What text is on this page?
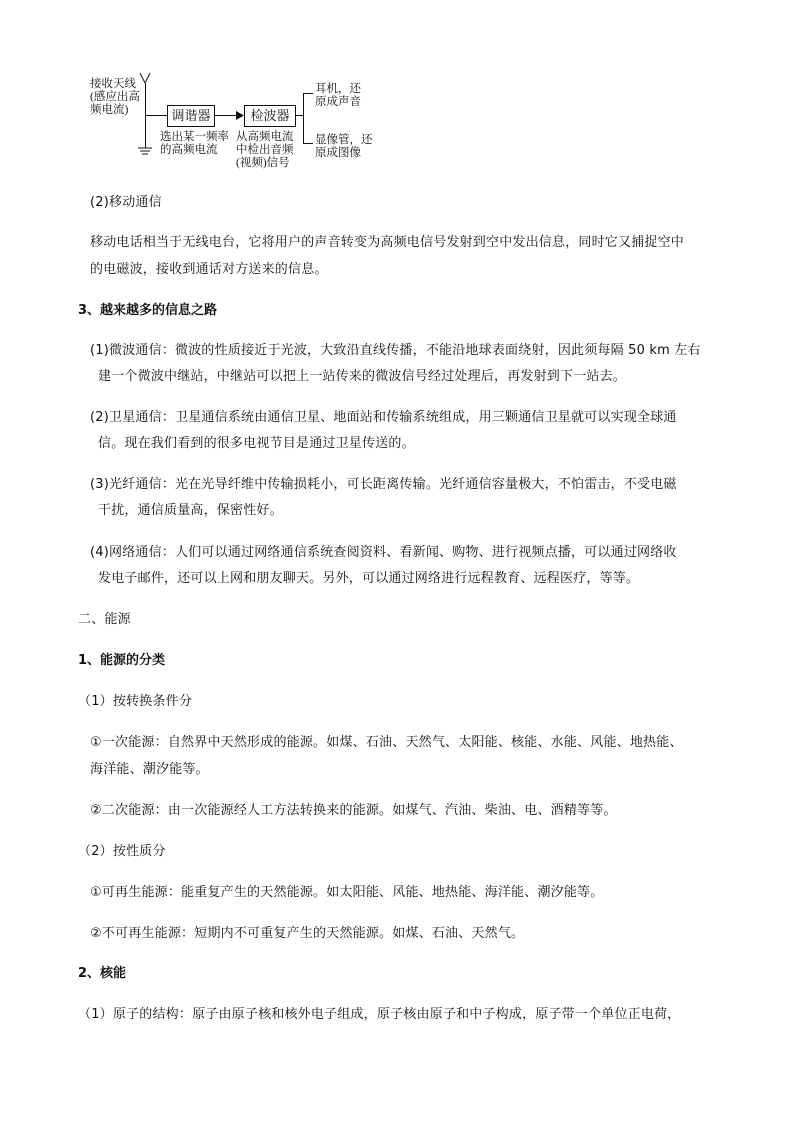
调谐器	检波器
接收天线
(感应出高
频电流)
选出某一频率
的高频电流
从高频电流
中检出音频
(视频)信号
耳机，还
原成声音
显像管，还
原成图像
(2)移动通信
移动电话相当于无线电台，它将用户的声音转变为高频电信号发射到空中发出信息，同时它又捕捉空中
的电磁波，接收到通话对方送来的信息。
3、越来越多的信息之路
(1)微波通信：微波的性质接近于光波，大致沿直线传播，不能沿地球表面绕射，因此须每隔 50 km 左右
建一个微波中继站，中继站可以把上一站传来的微波信号经过处理后，再发射到下一站去。
(2)卫星通信：卫星通信系统由通信卫星、地面站和传输系统组成，用三颗通信卫星就可以实现全球通
信。现在我们看到的很多电视节目是通过卫星传送的。
(3)光纤通信：光在光导纤维中传输损耗小，可长距离传输。光纤通信容量极大，不怕雷击，不受电磁
干扰，通信质量高，保密性好。
(4)网络通信：人们可以通过网络通信系统查阅资料、看新闻、购物、进行视频点播，可以通过网络收
发电子邮件，还可以上网和朋友聊天。另外，可以通过网络进行远程教育、远程医疗，等等。
二、能源
1、能源的分类
（1）按转换条件分
①一次能源：自然界中天然形成的能源。如煤、石油、天然气、太阳能、核能、水能、风能、地热能、
海洋能、潮汐能等。
②二次能源：由一次能源经人工方法转换来的能源。如煤气、汽油、柴油、电、酒精等等。
（2）按性质分
①可再生能源：能重复产生的天然能源。如太阳能、风能、地热能、海洋能、潮汐能等。
②不可再生能源：短期内不可重复产生的天然能源。如煤、石油、天然气。
2、核能
（1）原子的结构：原子由原子核和核外电子组成，原子核由原子和中子构成，原子带一个单位正电荷，
